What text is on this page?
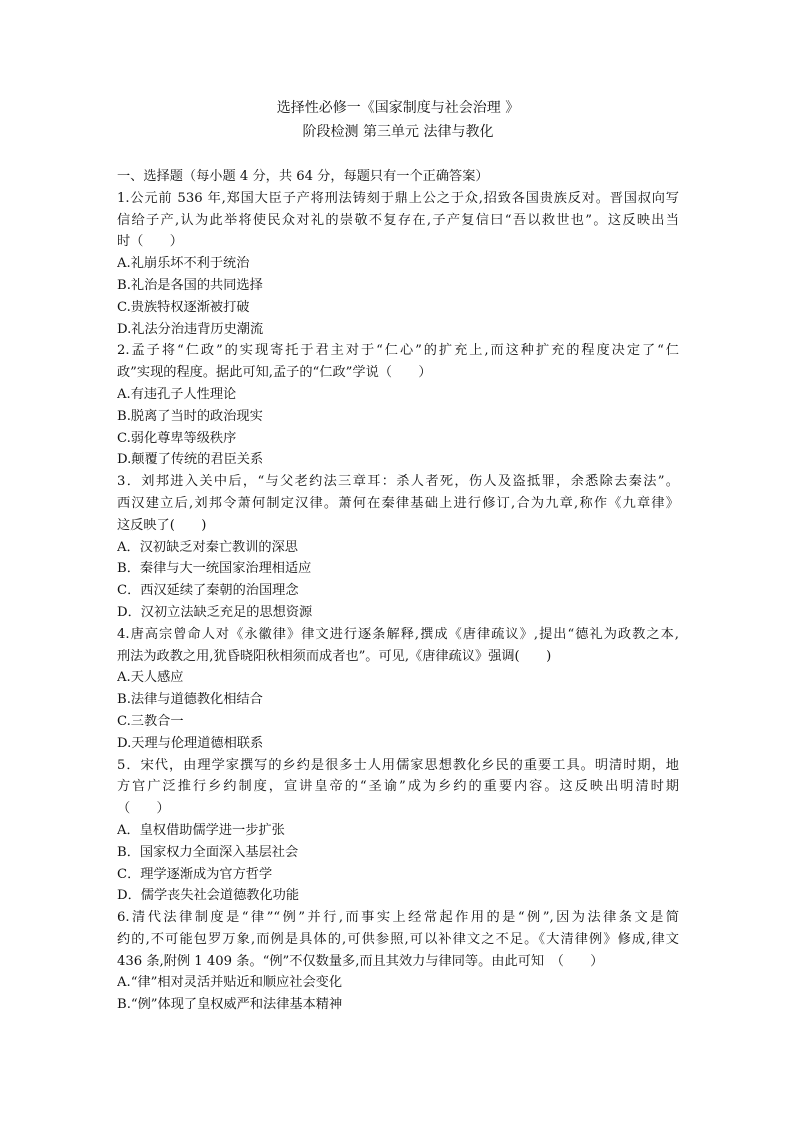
选择性必修一《国家制度与社会治理 》
阶段检测 第三单元 法律与教化
一、选择题（每小题 4 分，共 64 分，每题只有一个正确答案）
1.公元前 536 年,郑国大臣子产将刑法铸刻于鼎上公之于众,招致各国贵族反对。晋国叔向写
信给子产,认为此举将使民众对礼的崇敬不复存在,子产复信曰“吾以救世也”。这反映出当
时（　　）
A.礼崩乐坏不利于统治
B.礼治是各国的共同选择
C.贵族特权逐渐被打破
D.礼法分治违背历史潮流
2.孟子将“仁政”的实现寄托于君主对于“仁心”的扩充上,而这种扩充的程度决定了“仁
政”实现的程度。据此可知,孟子的“仁政”学说（　　）
A.有违孔子人性理论
B.脱离了当时的政治现实
C.弱化尊卑等级秩序
D.颠覆了传统的君臣关系
3．刘邦进入关中后，“与父老约法三章耳：杀人者死，伤人及盗抵罪，余悉除去秦法”。
西汉建立后,刘邦令萧何制定汉律。萧何在秦律基础上进行修订,合为九章,称作《九章律》
这反映了(　　)
A．汉初缺乏对秦亡教训的深思
B．秦律与大一统国家治理相适应
C．西汉延续了秦朝的治国理念
D．汉初立法缺乏充足的思想资源
4.唐高宗曾命人对《永徽律》律文进行逐条解释,撰成《唐律疏议》,提出“德礼为政教之本,
刑法为政教之用,犹昏晓阳秋相须而成者也”。可见,《唐律疏议》强调(　　)
A.天人感应
B.法律与道德教化相结合
C.三教合一
D.天理与伦理道德相联系
5．宋代，由理学家撰写的乡约是很多士人用儒家思想教化乡民的重要工具。明清时期，地
方官广泛推行乡约制度，宣讲皇帝的“圣谕”成为乡约的重要内容。这反映出明清时期
（　　）
A．皇权借助儒学进一步扩张
B．国家权力全面深入基层社会
C．理学逐渐成为官方哲学
D．儒学丧失社会道德教化功能
6.清代法律制度是“律”“例”并行,而事实上经常起作用的是“例”,因为法律条文是简
约的,不可能包罗万象,而例是具体的,可供参照,可以补律文之不足。《大清律例》修成,律文
436 条,附例 1 409 条。“例”不仅数量多,而且其效力与律同等。由此可知　（　　）
A.“律”相对灵活并贴近和顺应社会变化
B.“例”体现了皇权威严和法律基本精神
